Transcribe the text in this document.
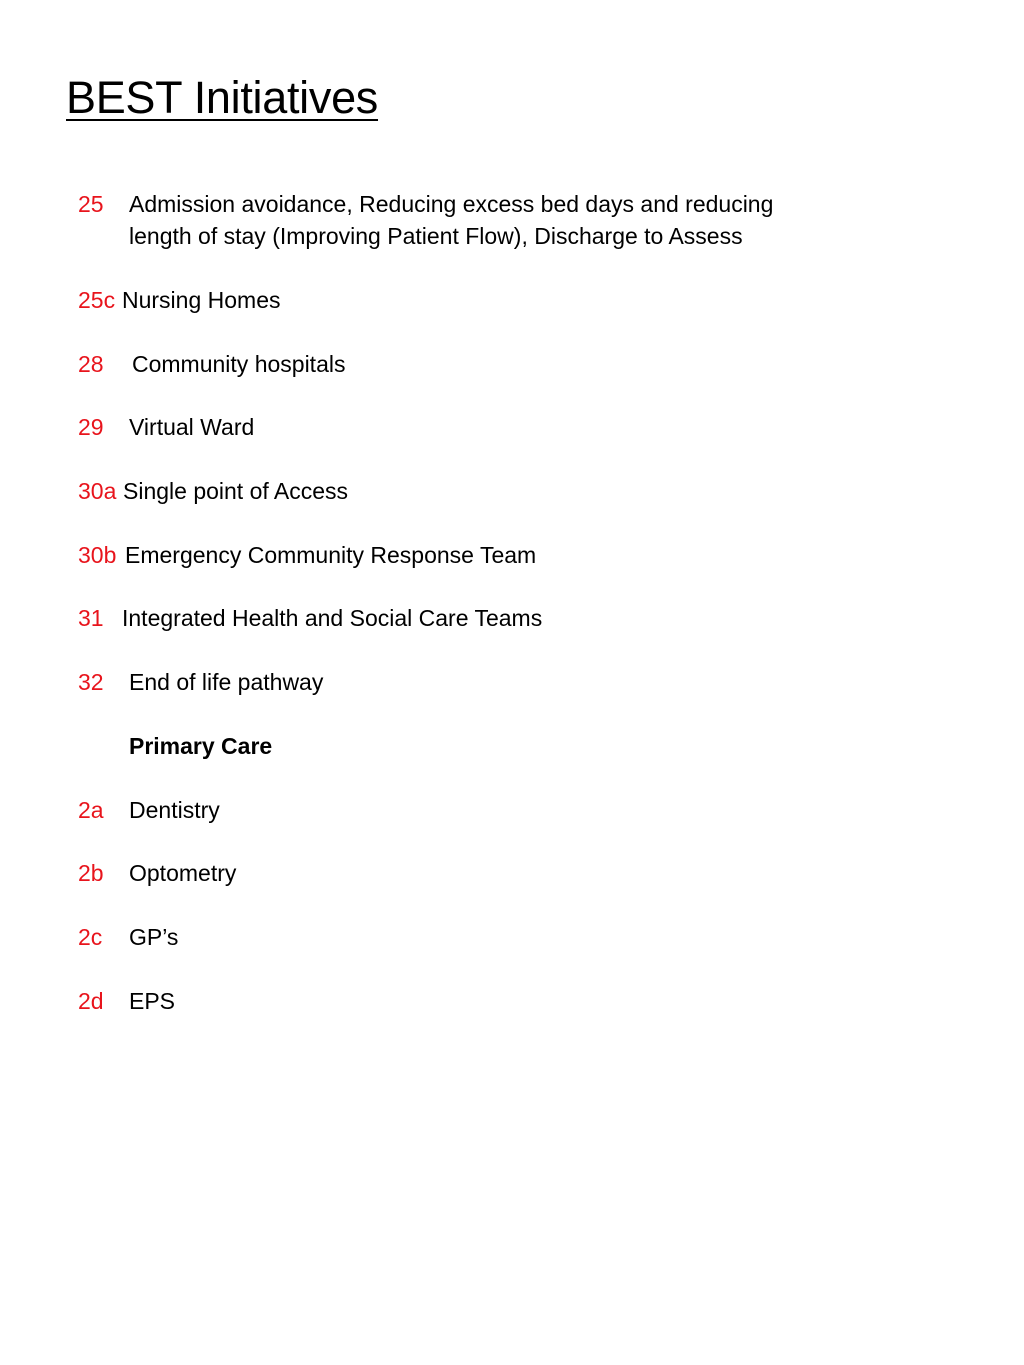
BEST Initiatives
25 Admission avoidance, Reducing excess bed days and reducing
length of stay (Improving Patient Flow), Discharge to Assess
25c Nursing Homes
28 Community hospitals
29 Virtual Ward
30a Single point of Access
30b Emergency Community Response Team
31 Integrated Health and Social Care Teams
32 End of life pathway
Primary Care
2a Dentistry
2b Optometry
2c GP’s
2d EPS
